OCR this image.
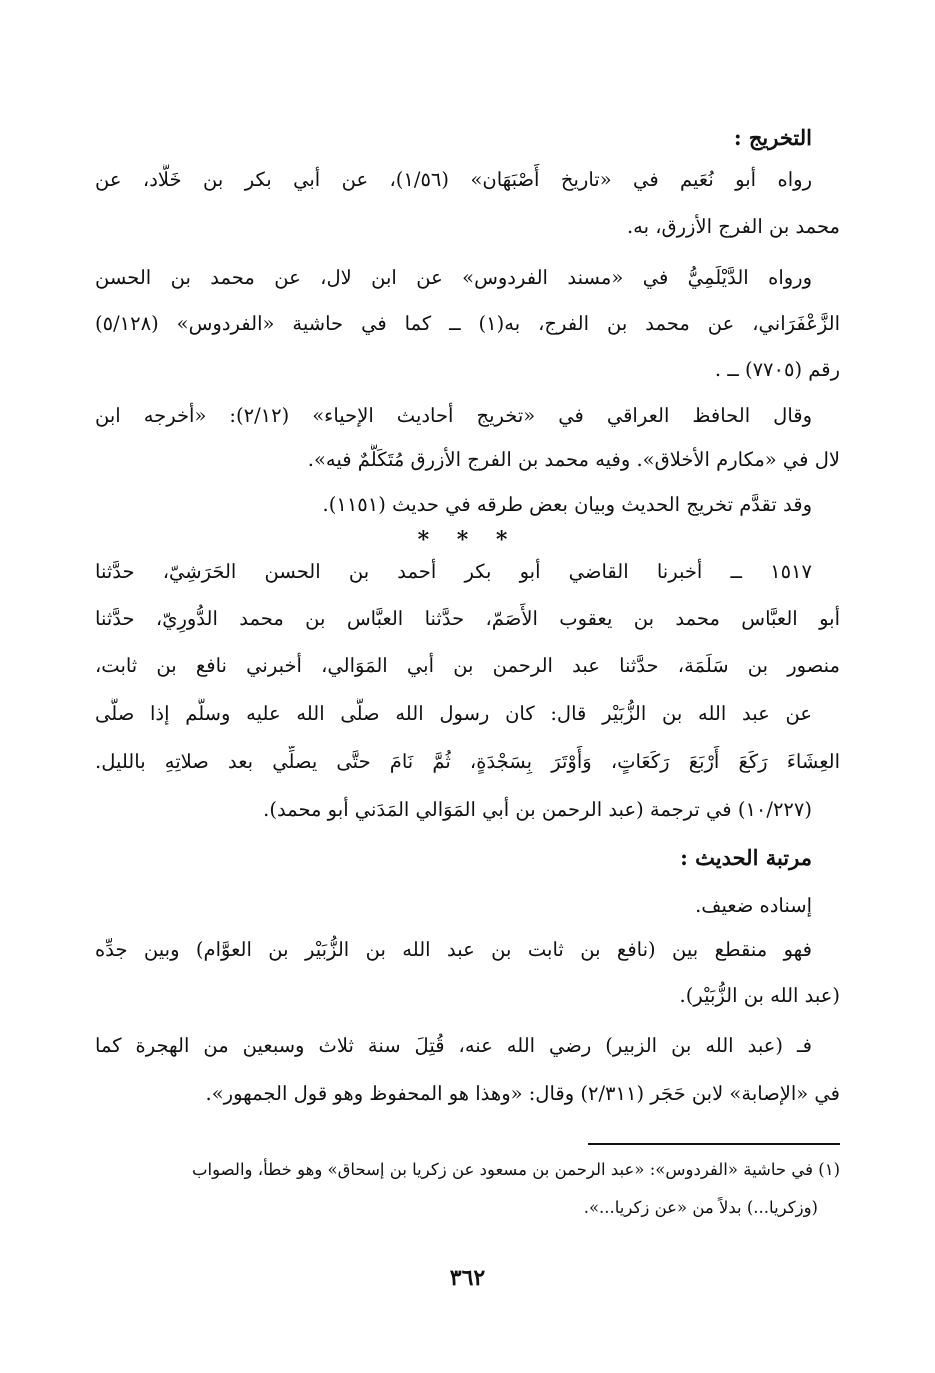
التخريج :
رواه أبو نُعَيم في «تاريخ أَصْبَهَان» (١/٥٦)، عن أبي بكر بن خَلَّاد، عن
محمد بن الفرج الأزرق، به.
ورواه الدَّيْلَمِيُّ في «مسند الفردوس» عن ابن لال، عن محمد بن الحسن
الزَّعْفَرَاني، عن محمد بن الفرج، به(١) ــ كما في حاشية «الفردوس» (٥/١٢٨)
رقم (٧٧٠٥) ــ .
وقال الحافظ العراقي في «تخريج أحاديث الإحياء» (٢/١٢): «أخرجه ابن
لال في «مكارم الأخلاق». وفيه محمد بن الفرج الأزرق مُتَكَلَّمٌ فيه».
وقد تقدَّم تخريج الحديث وبيان بعض طرقه في حديث (١١٥١).
* * *
١٥١٧ ــ أخبرنا القاضي أبو بكر أحمد بن الحسن الحَرَشِيّ، حدَّثنا
أبو العبَّاس محمد بن يعقوب الأَصَمّ، حدَّثنا العبَّاس بن محمد الدُّورِيّ، حدَّثنا
منصور بن سَلَمَة، حدَّثنا عبد الرحمن بن أبي المَوَالي، أخبرني نافع بن ثابت،
عن عبد الله بن الزُّبَيْر قال: كان رسول الله صلَّى الله عليه وسلَّم إذا صلَّى
العِشَاءَ رَكَعَ أَرْبَعَ رَكَعَاتٍ، وَأَوْتَرَ بِسَجْدَةٍ، ثُمَّ نَامَ حتَّى يصلِّي بعد صلاتِهِ بالليل.
(١٠/٢٢٧) في ترجمة (عبد الرحمن بن أبي المَوَالي المَدَني أبو محمد).
مرتبة الحديث :
إسناده ضعيف.
فهو منقطع بين (نافع بن ثابت بن عبد الله بن الزُّبَيْر بن العوَّام) وبين جدِّه
(عبد الله بن الزُّبَيْر).
فـ (عبد الله بن الزبير) رضي الله عنه، قُتِلَ سنة ثلاث وسبعين من الهجرة كما
في «الإصابة» لابن حَجَر (٢/٣١١) وقال: «وهذا هو المحفوظ وهو قول الجمهور».
(١) في حاشية «الفردوس»: «عبد الرحمن بن مسعود عن زكريا بن إسحاق» وهو خطأ، والصواب
(وزكريا...) بدلاً من «عن زكريا...».
٣٦٢
